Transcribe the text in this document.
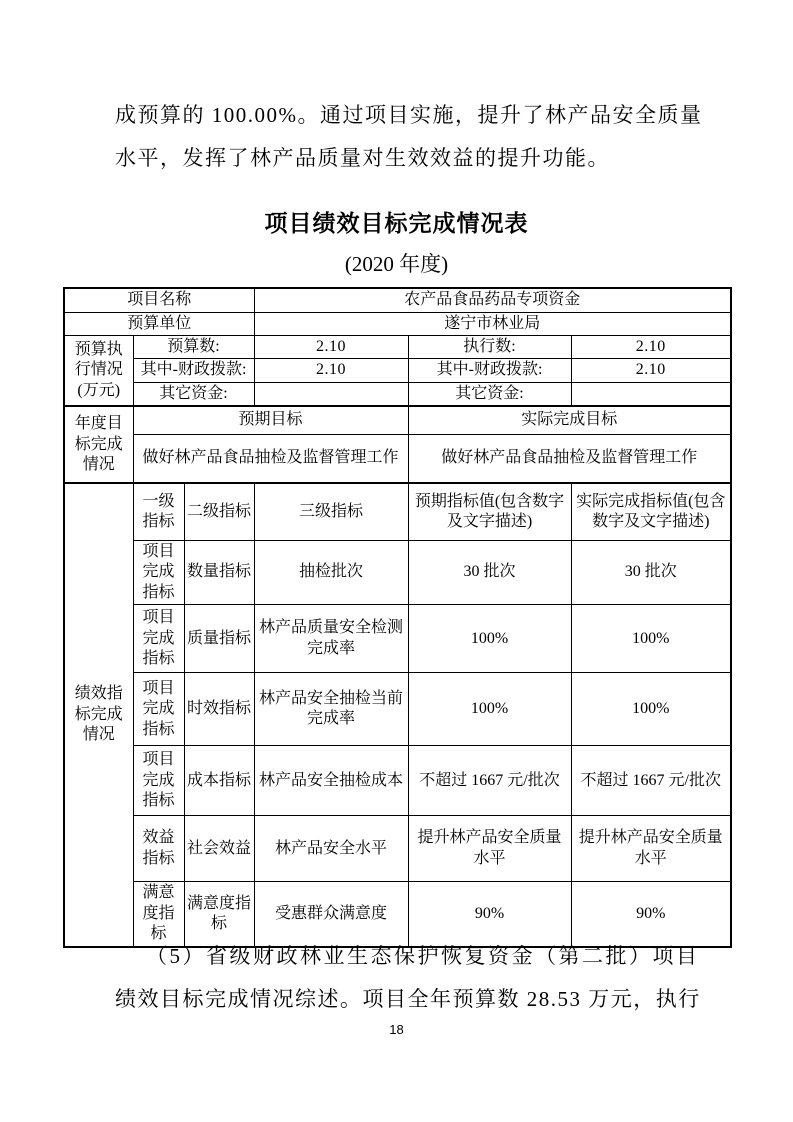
成预算的 100.00%。通过项目实施，提升了林产品安全质量
水平，发挥了林产品质量对生效效益的提升功能。
项目绩效目标完成情况表
(2020 年度)
项目名称			农产品食品药品专项资金		
预算单位			遂宁市林业局		
预算执行情况(万元)	预算数:		2.10	执行数:	2.10
	其中-财政拨款:		2.10	其中-财政拨款:	2.10
	其它资金:			其它资金:	
年度目标完成情况	预期目标			实际完成目标	
	做好林产品食品抽检及监督管理工作			做好林产品食品抽检及监督管理工作	
绩效指标完成情况	一级指标	二级指标	三级指标	预期指标值(包含数字及文字描述)	实际完成指标值(包含数字及文字描述)
	项目完成指标	数量指标	抽检批次	30 批次	30 批次
	项目完成指标	质量指标	林产品质量安全检测完成率	100%	100%
	项目完成指标	时效指标	林产品安全抽检当前完成率	100%	100%
	项目完成指标	成本指标	林产品安全抽检成本	不超过 1667 元/批次	不超过 1667 元/批次
	效益指标	社会效益	林产品安全水平	提升林产品安全质量水平	提升林产品安全质量水平
	满意度指标	满意度指标	受惠群众满意度	90%	90%
（5）省级财政林业生态保护恢复资金（第二批）项目
绩效目标完成情况综述。项目全年预算数 28.53 万元，执行
18
